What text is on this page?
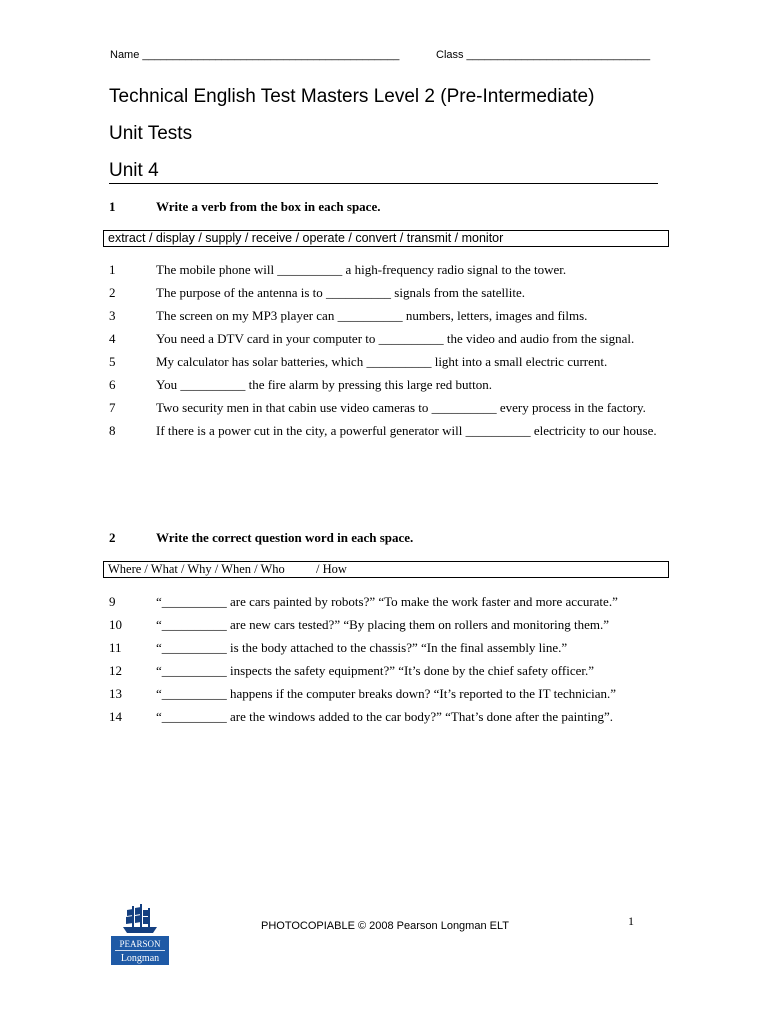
Name __________________________________________	Class ______________________________
Technical English Test Masters Level 2 (Pre-Intermediate)
Unit Tests
Unit 4
1	Write a verb from the box in each space.
extract / display / supply / receive / operate / convert / transmit / monitor
1	The mobile phone will __________ a high-frequency radio signal to the tower.
2	The purpose of the antenna is to __________ signals from the satellite.
3	The screen on my MP3 player can __________ numbers, letters, images and films.
4	You need a DTV card in your computer to __________ the video and audio from the signal.
5	My calculator has solar batteries, which __________ light into a small electric current.
6	You __________ the fire alarm by pressing this large red button.
7	Two security men in that cabin use video cameras to __________ every process in the factory.
8	If there is a power cut in the city, a powerful generator will __________ electricity to our house.
2	Write the correct question word in each space.
Where / What / Why / When / Who          / How
9	“__________ are cars painted by robots?” “To make the work faster and more accurate.”
10	“__________ are new cars tested?” “By placing them on rollers and monitoring them.”
11	“__________ is the body attached to the chassis?” “In the final assembly line.”
12	“__________ inspects the safety equipment?” “It’s done by the chief safety officer.”
13	“__________ happens if the computer breaks down? “It’s reported to the IT technician.”
14	“__________ are the windows added to the car body?” “That’s done after the painting”.
PEARSON
Longman
PHOTOCOPIABLE © 2008 Pearson Longman ELT	1
